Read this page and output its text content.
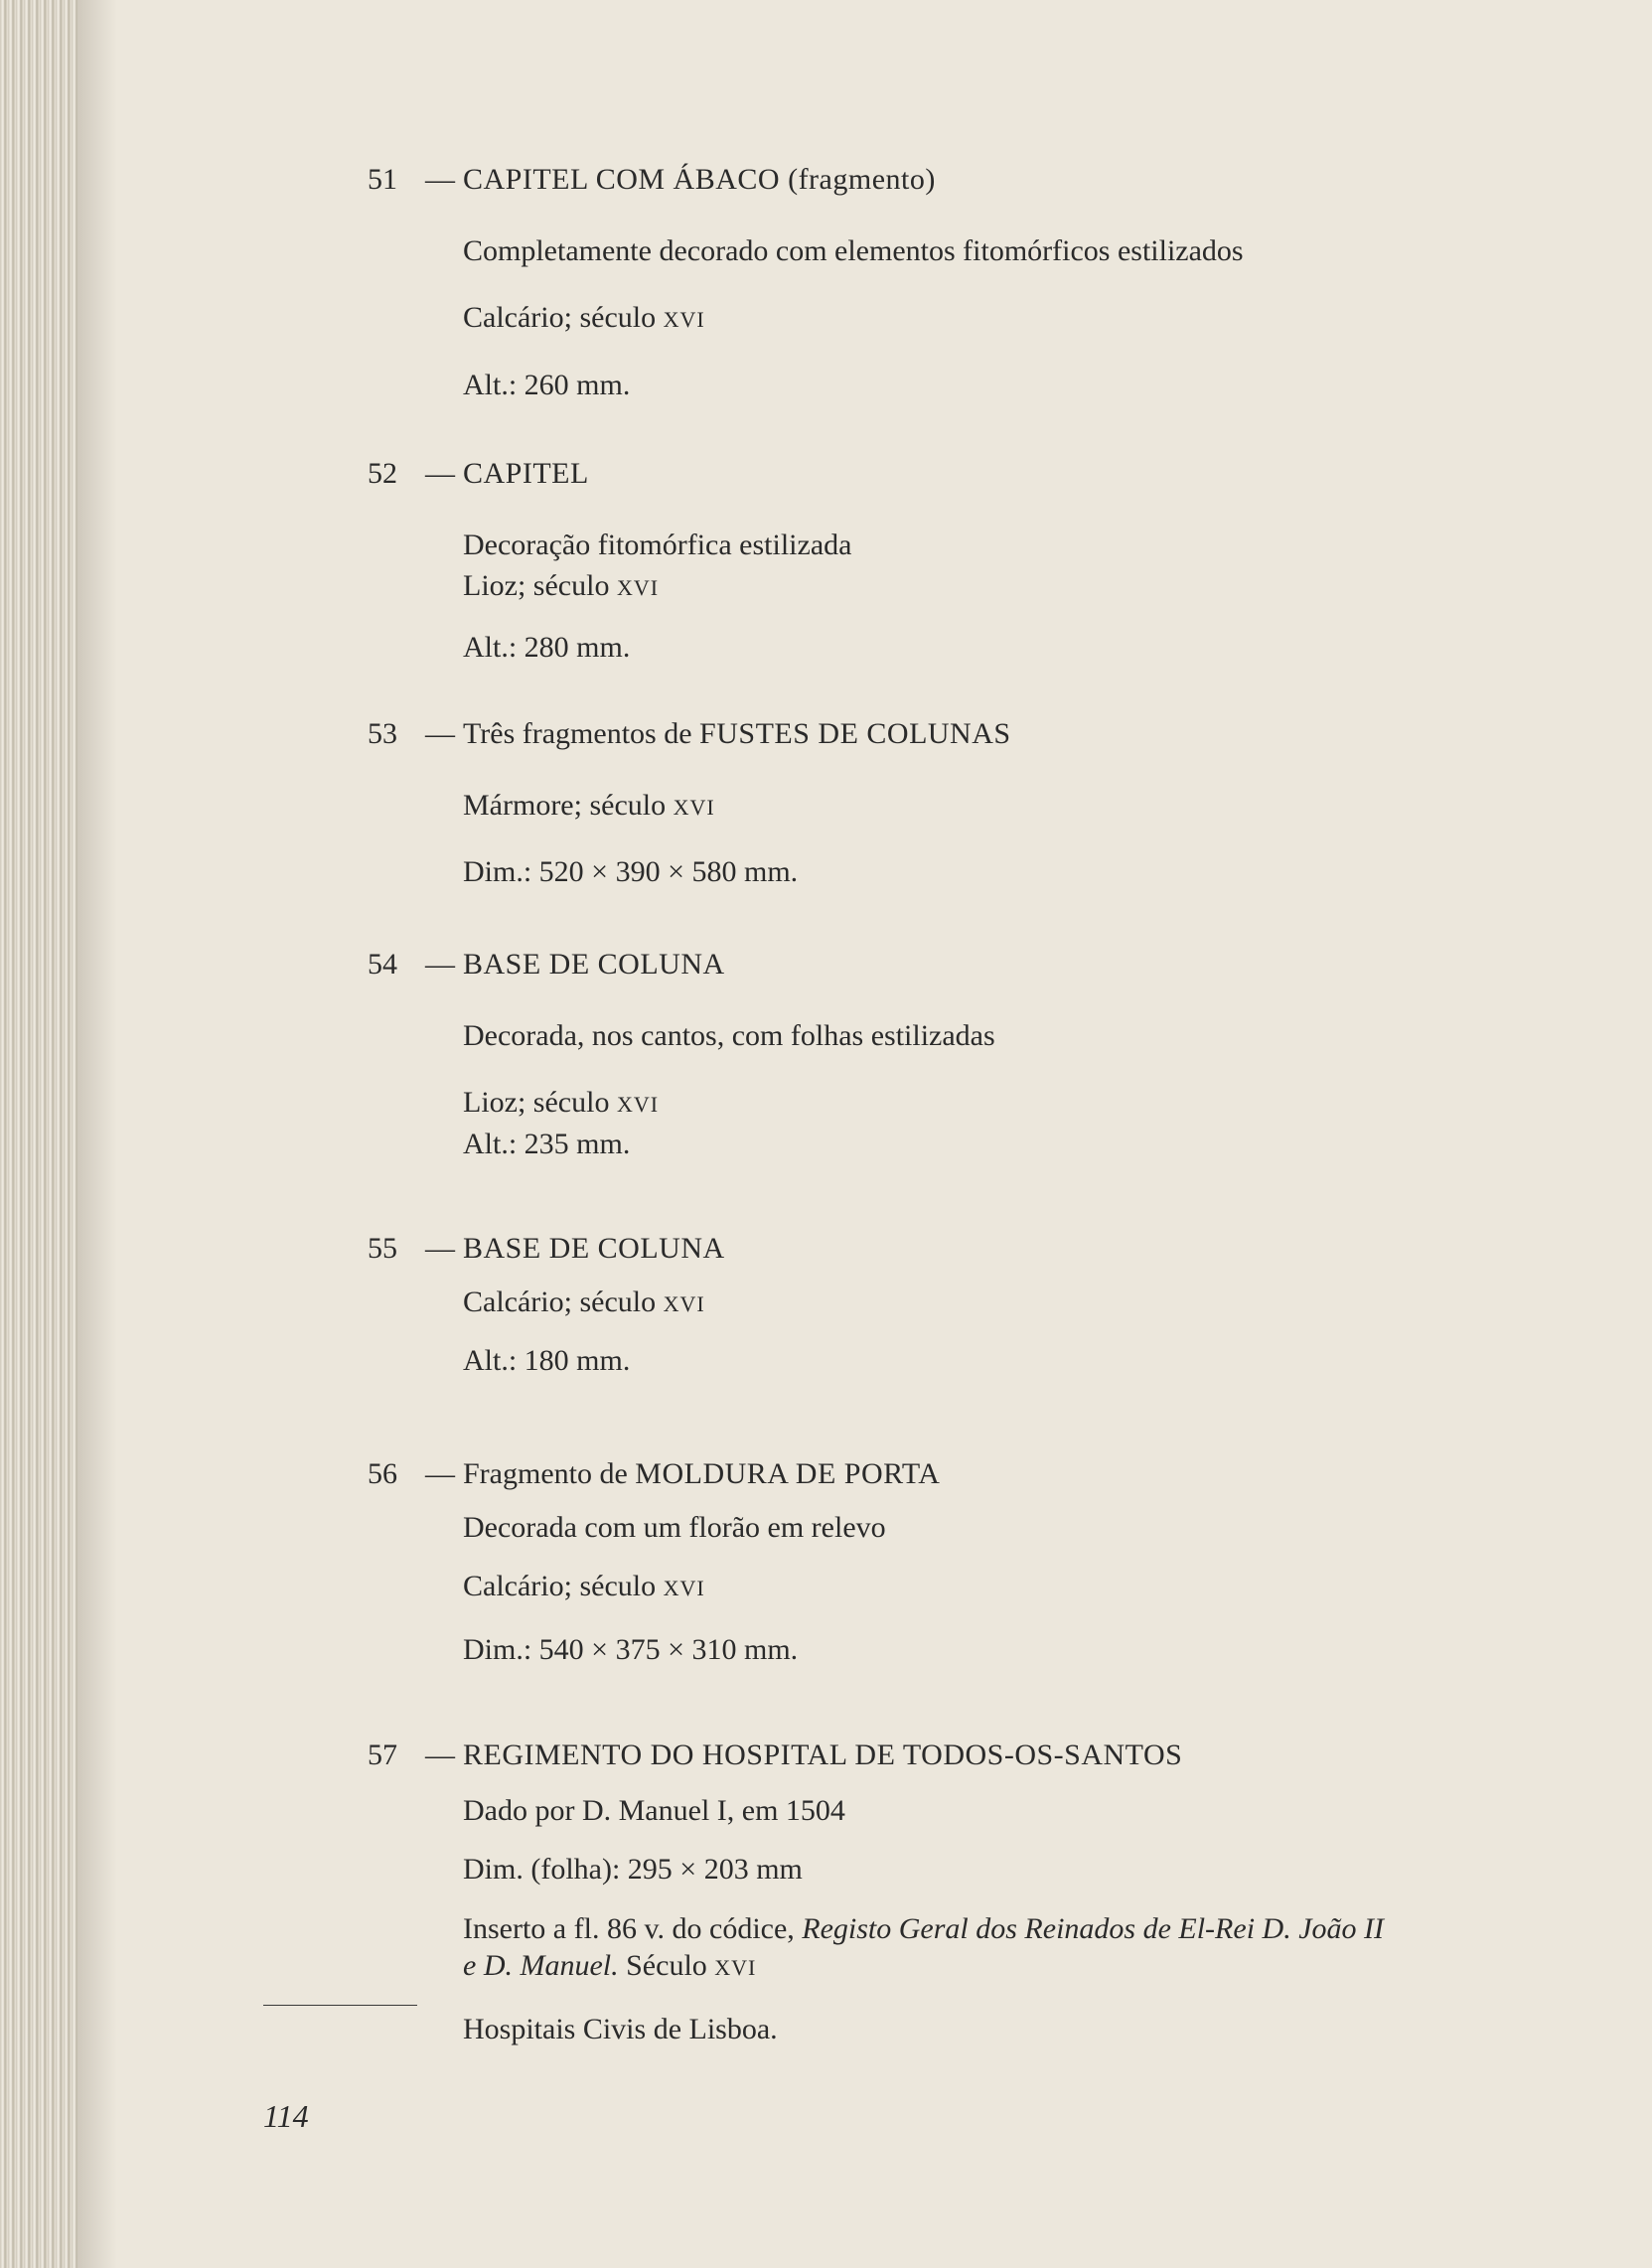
51 — CAPITEL COM ÁBACO (fragmento)
Completamente decorado com elementos fitomórficos estilizados
Calcário; século XVI
Alt.: 260 mm.
52 — CAPITEL
Decoração fitomórfica estilizada
Lioz; século XVI
Alt.: 280 mm.
53 — Três fragmentos de FUSTES DE COLUNAS
Mármore; século XVI
Dim.: 520 × 390 × 580 mm.
54 — BASE DE COLUNA
Decorada, nos cantos, com folhas estilizadas
Lioz; século XVI
Alt.: 235 mm.
55 — BASE DE COLUNA
Calcário; século XVI
Alt.: 180 mm.
56 — Fragmento de MOLDURA DE PORTA
Decorada com um florão em relevo
Calcário; século XVI
Dim.: 540 × 375 × 310 mm.
57 — REGIMENTO DO HOSPITAL DE TODOS-OS-SANTOS
Dado por D. Manuel I, em 1504
Dim. (folha): 295 × 203 mm
Inserto a fl. 86 v. do códice, Registo Geral dos Reinados de El-Rei D. João II
e D. Manuel. Século XVI
Hospitais Civis de Lisboa.
114
